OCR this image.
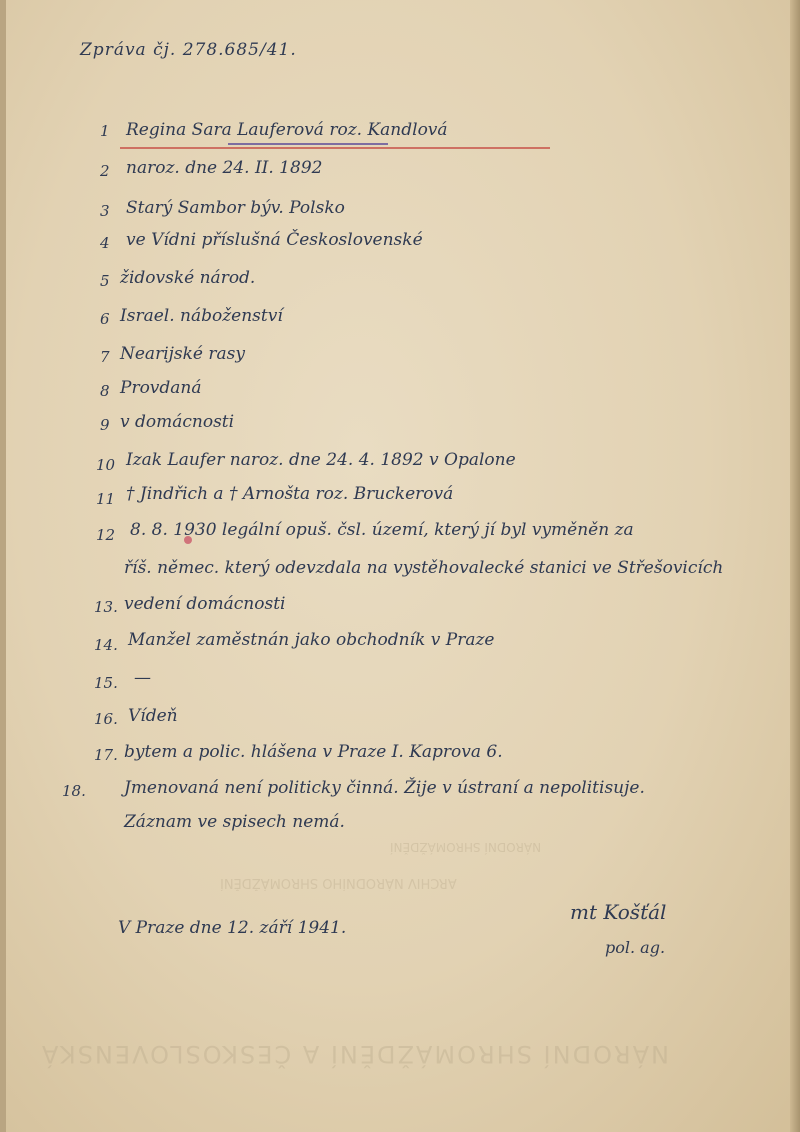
NÁRODNÍ SHROMÁŽDĚNÍ
ARCHIV NÁRODNÍHO SHROMÁŽDĚNÍ
NÁRODNÍ SHROMÁŽDĚNÍ A ČESKOSLOVENSKÁ
Zpráva čj. 278.685/41.
1 Regina Sara Lauferová roz. Kandlová
2 naroz. dne 24. II. 1892
3 Starý Sambor býv. Polsko
4 ve Vídni příslušná Československé
5 židovské národ.
6 Israel. náboženství
7 Nearijské rasy
8 Provdaná
9 v domácnosti
10 Izak Laufer naroz. dne 24. 4. 1892 v Opalone
11 † Jindřich a † Arnošta roz. Bruckerová
12 8. 8. 1930 legální opuš. čsl. území, který jí byl vyměněn za
říš. němec. který odevzdala na vystěhovalecké stanici ve Střešovicích
13. vedení domácnosti
14. Manžel zaměstnán jako obchodník v Praze
15. —
16. Vídeň
17. bytem a polic. hlášena v Praze I. Kaprova 6.
18. Jmenovaná není politicky činná. Žije v ústraní a nepolitisuje.
Záznam ve spisech nemá.
V Praze dne 12. září 1941.
mt Košťál
pol. ag.
